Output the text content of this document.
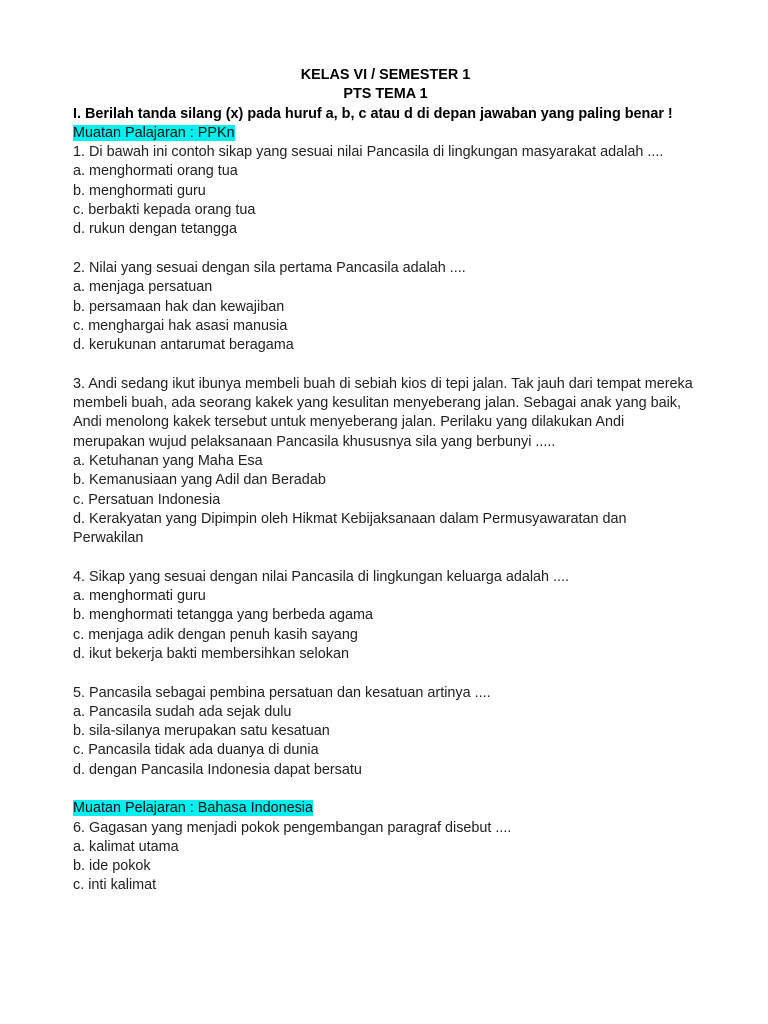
KELAS VI / SEMESTER 1
PTS TEMA 1
I. Berilah tanda silang (x) pada huruf a, b, c atau d di depan jawaban yang paling benar !
Muatan Palajaran : PPKn
1. Di bawah ini contoh sikap yang sesuai nilai Pancasila di lingkungan masyarakat adalah ....
a. menghormati orang tua
b. menghormati guru
c. berbakti kepada orang tua
d. rukun dengan tetangga
2. Nilai yang sesuai dengan sila pertama Pancasila adalah ....
a. menjaga persatuan
b. persamaan hak dan kewajiban
c. menghargai hak asasi manusia
d. kerukunan antarumat beragama
3. Andi sedang ikut ibunya membeli buah di sebiah kios di tepi jalan. Tak jauh dari tempat mereka membeli buah, ada seorang kakek yang kesulitan menyeberang jalan. Sebagai anak yang baik, Andi menolong kakek tersebut untuk menyeberang jalan. Perilaku yang dilakukan Andi merupakan wujud pelaksanaan Pancasila khususnya sila yang berbunyi .....
a. Ketuhanan yang Maha Esa
b. Kemanusiaan yang Adil dan Beradab
c. Persatuan Indonesia
d. Kerakyatan yang Dipimpin oleh Hikmat Kebijaksanaan dalam Permusyawaratan dan Perwakilan
4. Sikap yang sesuai dengan nilai Pancasila di lingkungan keluarga adalah ....
a. menghormati guru
b. menghormati tetangga yang berbeda agama
c. menjaga adik dengan penuh kasih sayang
d. ikut bekerja bakti membersihkan selokan
5. Pancasila sebagai pembina persatuan dan kesatuan artinya ....
a. Pancasila sudah ada sejak dulu
b. sila-silanya merupakan satu kesatuan
c. Pancasila tidak ada duanya di dunia
d. dengan Pancasila Indonesia dapat bersatu
Muatan Pelajaran : Bahasa Indonesia
6. Gagasan yang menjadi pokok pengembangan paragraf disebut ....
a. kalimat utama
b. ide pokok
c. inti kalimat
